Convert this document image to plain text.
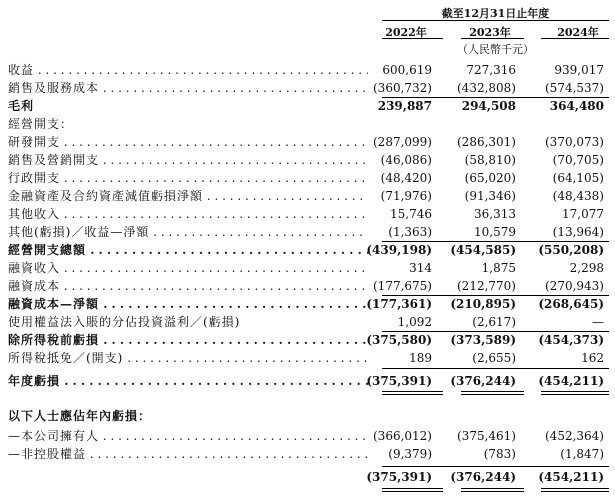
截至12月31日止年度
2022年	2023年	2024年
（人民幣千元）
收益 . . .	600,619	727,316	939,017
銷售及服務成本 . . .	(360,732)	(432,808)	(574,537)
毛利	239,887	294,508	364,480
經營開支：
研發開支 . . .	(287,099)	(286,301)	(370,073)
銷售及營銷開支 . . .	(46,086)	(58,810)	(70,705)
行政開支 . . .	(48,420)	(65,020)	(64,105)
金融資產及合約資產減值虧損淨額 . . .	(71,976)	(91,346)	(48,438)
其他收入 . . .	15,746	36,313	17,077
其他(虧損)／收益—淨額 . . .	(1,363)	10,579	(13,964)
經營開支總額 . . .	(439,198)	(454,585)	(550,208)
融資收入 . . .	314	1,875	2,298
融資成本 . . .	(177,675)	(212,770)	(270,943)
融資成本—淨額 . . .	(177,361)	(210,895)	(268,645)
使用權益法入賬的分佔投資溢利／(虧損)	1,092	(2,617)	—
除所得稅前虧損 . . .	(375,580)	(373,589)	(454,373)
所得稅抵免／(開支) . . .	189	(2,655)	162
年度虧損 . . .	(375,391)	(376,244)	(454,211)
以下人士應佔年內虧損：
—本公司擁有人 . . .	(366,012)	(375,461)	(452,364)
—非控股權益 . . .	(9,379)	(783)	(1,847)
(375,391)	(376,244)	(454,211)
